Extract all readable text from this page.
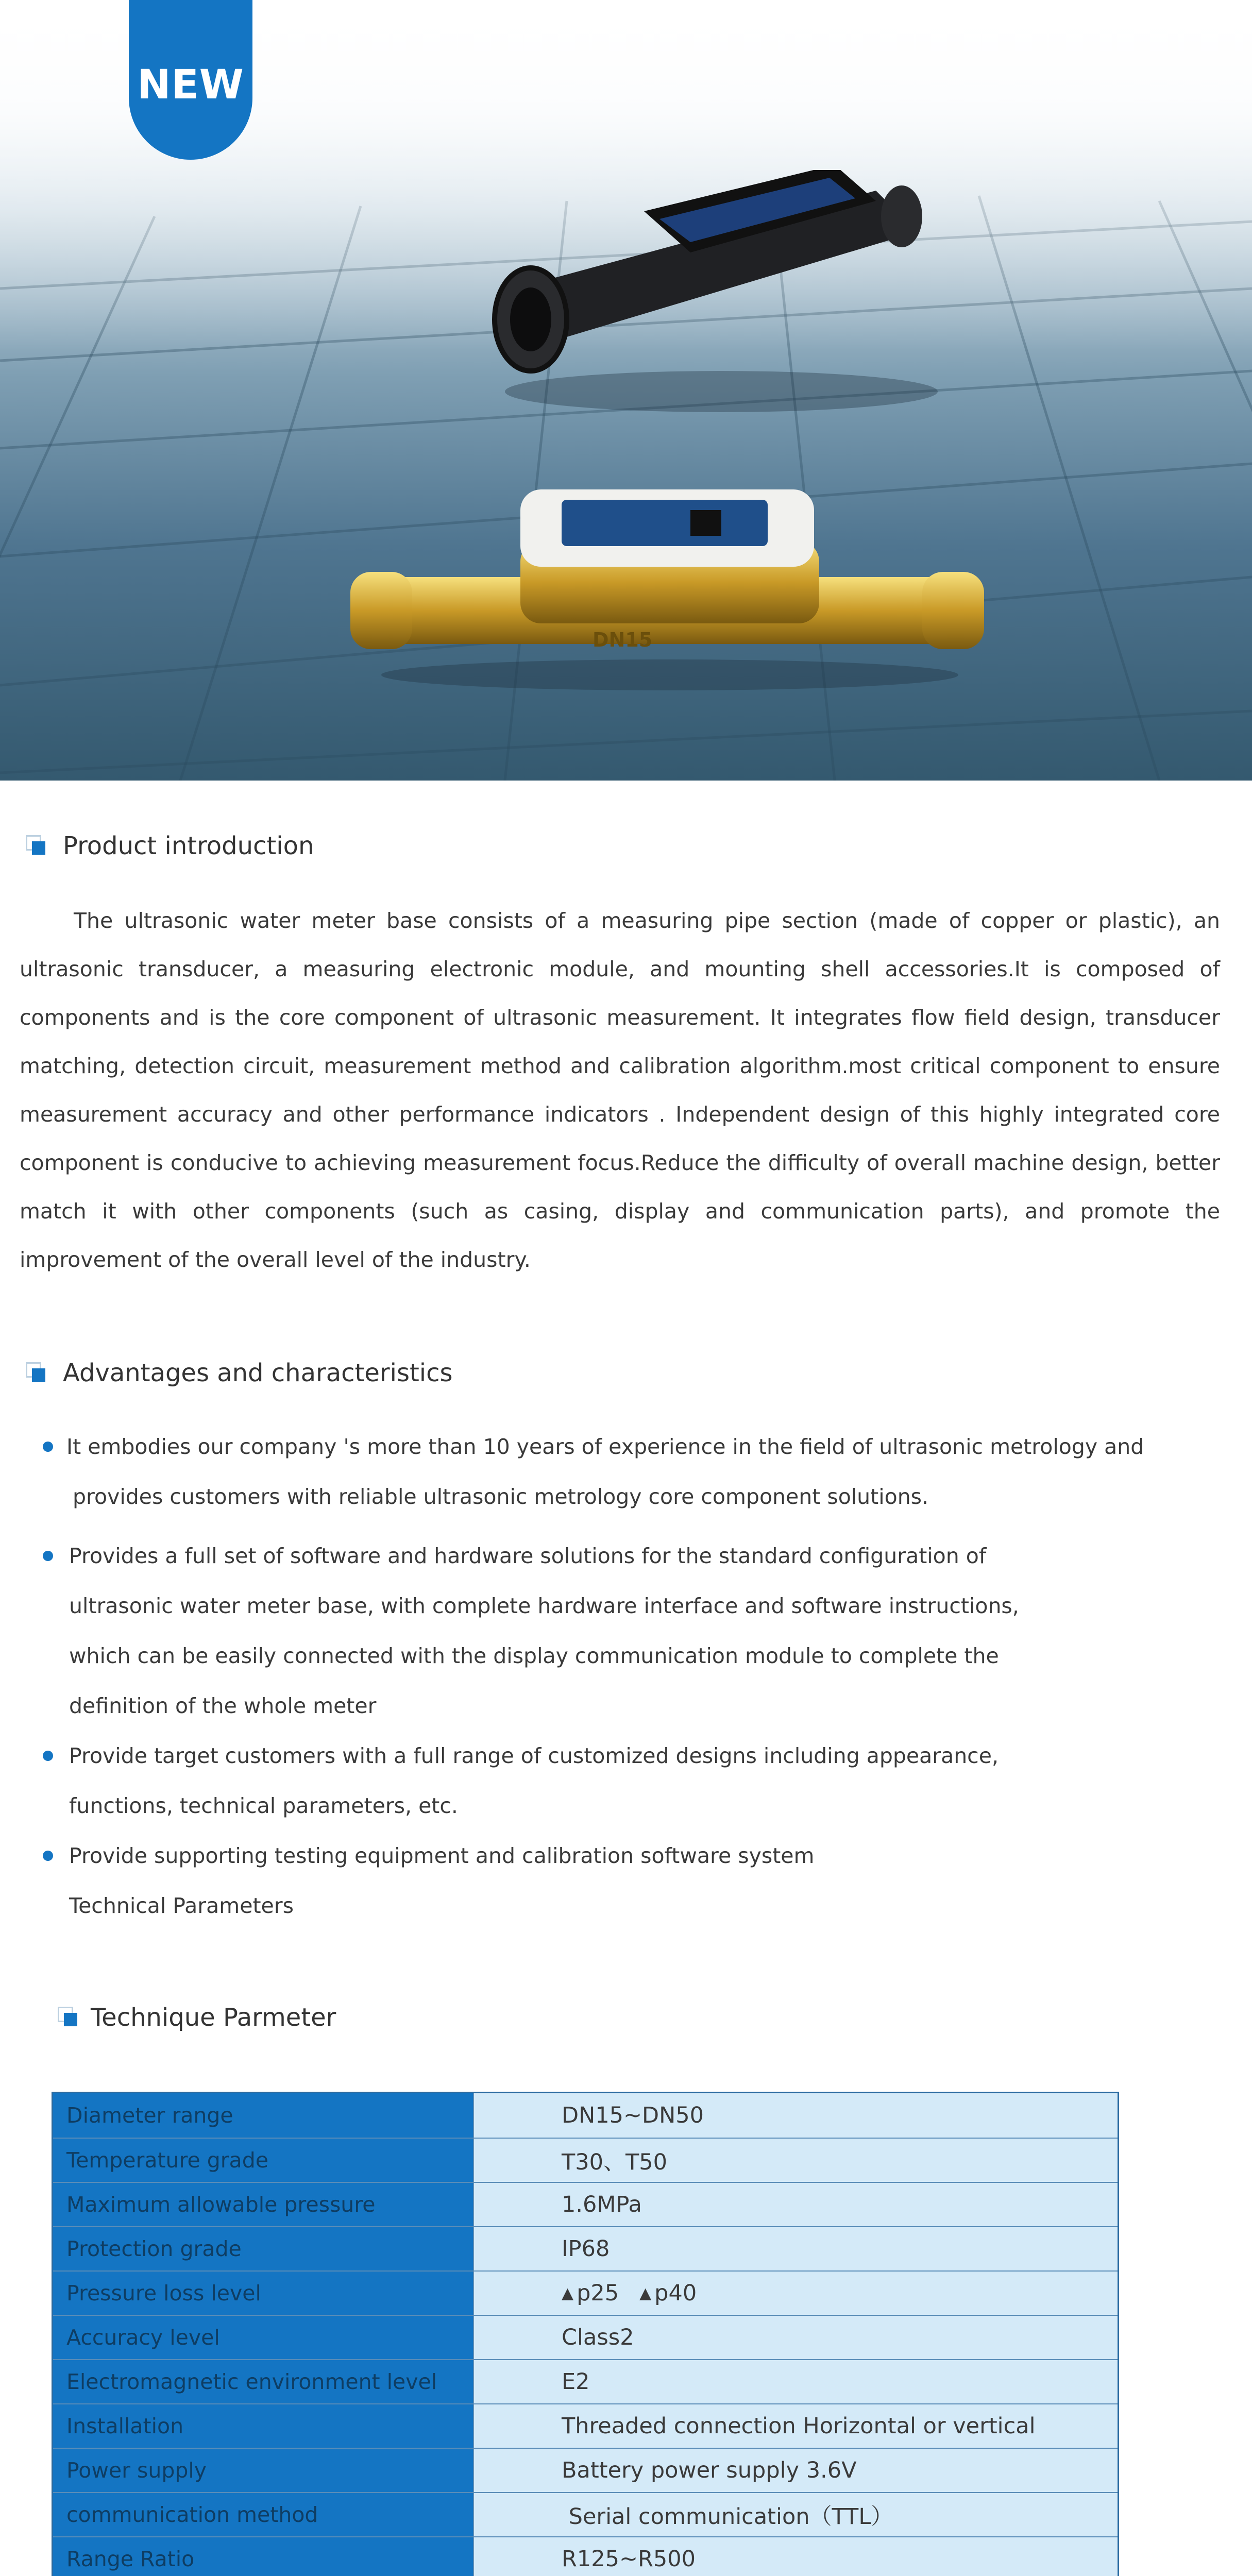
NEW
DN15
Product introduction
The ultrasonic water meter base consists of a measuring pipe section (made of copper or plastic), an ultrasonic transducer, a measuring electronic module, and mounting shell accessories.It is composed of components and is the core component of ultrasonic measurement. It integrates flow field design, transducer matching, detection circuit, measurement method and calibration algorithm.most critical component to ensure measurement accuracy and other performance indicators . Independent design of this highly integrated core component is conducive to achieving measurement focus.Reduce the difficulty of overall machine design, better match it with other components (such as casing, display and communication parts), and promote the improvement of the overall level of the industry.
Advantages and characteristics
It embodies our company 's more than 10 years of experience in the field of ultrasonic metrology and
provides customers with reliable ultrasonic metrology core component solutions.
Provides a full set of software and hardware solutions for the standard configuration of
ultrasonic water meter base, with complete hardware interface and software instructions,
which can be easily connected with the display communication module to complete the
definition of the whole meter
Provide target customers with a full range of customized designs including appearance,
functions, technical parameters, etc.
Provide supporting testing equipment and calibration software system
Technical Parameters
Technique Parmeter
Diameter range	DN15~DN50
Temperature grade	T30、T50
Maximum allowable pressure	1.6MPa
Protection grade	IP68
Pressure loss level	▲ p25 ▲ p40
Accuracy level	Class2
Electromagnetic environment level	E2
Installation	Threaded connection Horizontal or vertical
Power supply	Battery power supply 3.6V
communication method	Serial communication（TTL）
Range Ratio	R125~R500
